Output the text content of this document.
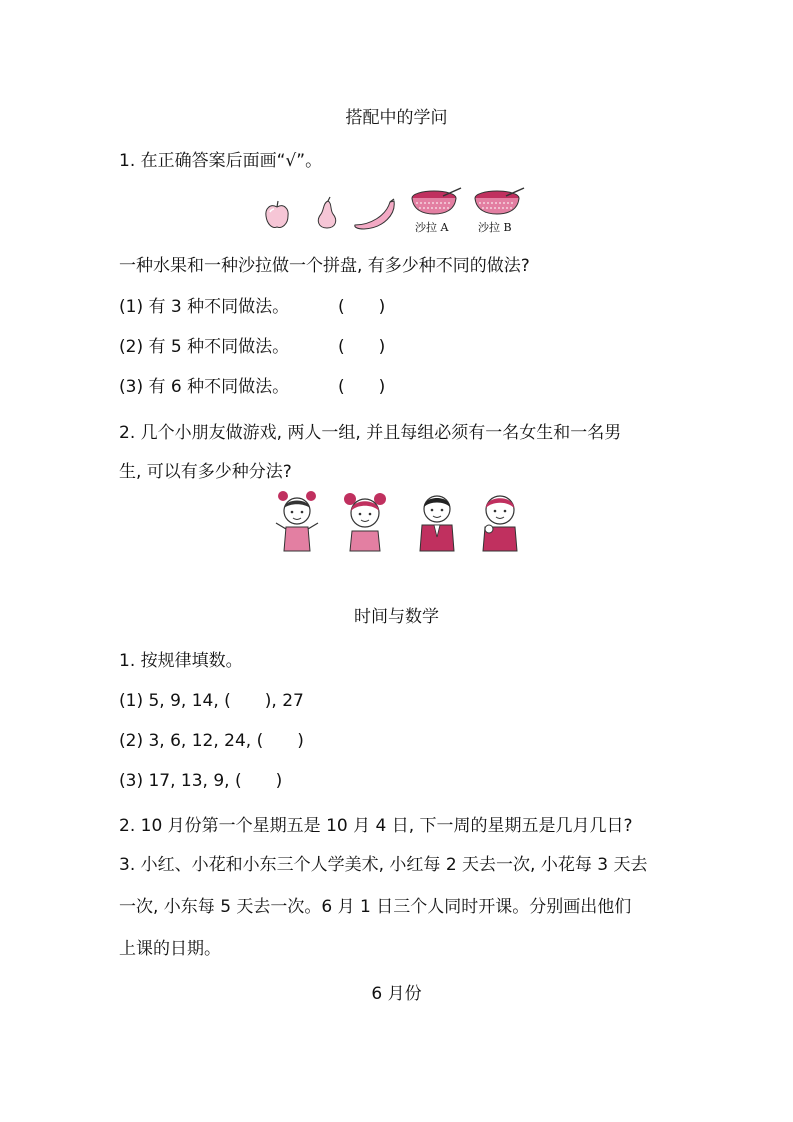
搭配中的学问
1. 在正确答案后面画“√”。
沙拉 A	沙拉 B
一种水果和一种沙拉做一个拼盘, 有多少种不同的做法?
(1) 有 3 种不同做法。	(　　)
(2) 有 5 种不同做法。	(　　)
(3) 有 6 种不同做法。	(　　)
2. 几个小朋友做游戏, 两人一组, 并且每组必须有一名女生和一名男
生, 可以有多少种分法?
时间与数学
1. 按规律填数。
(1) 5, 9, 14, (　　), 27
(2) 3, 6, 12, 24, (　　)
(3) 17, 13, 9, (　　)
2. 10 月份第一个星期五是 10 月 4 日, 下一周的星期五是几月几日?
3. 小红、小花和小东三个人学美术, 小红每 2 天去一次, 小花每 3 天去
一次, 小东每 5 天去一次。6 月 1 日三个人同时开课。分别画出他们
上课的日期。
6 月份
